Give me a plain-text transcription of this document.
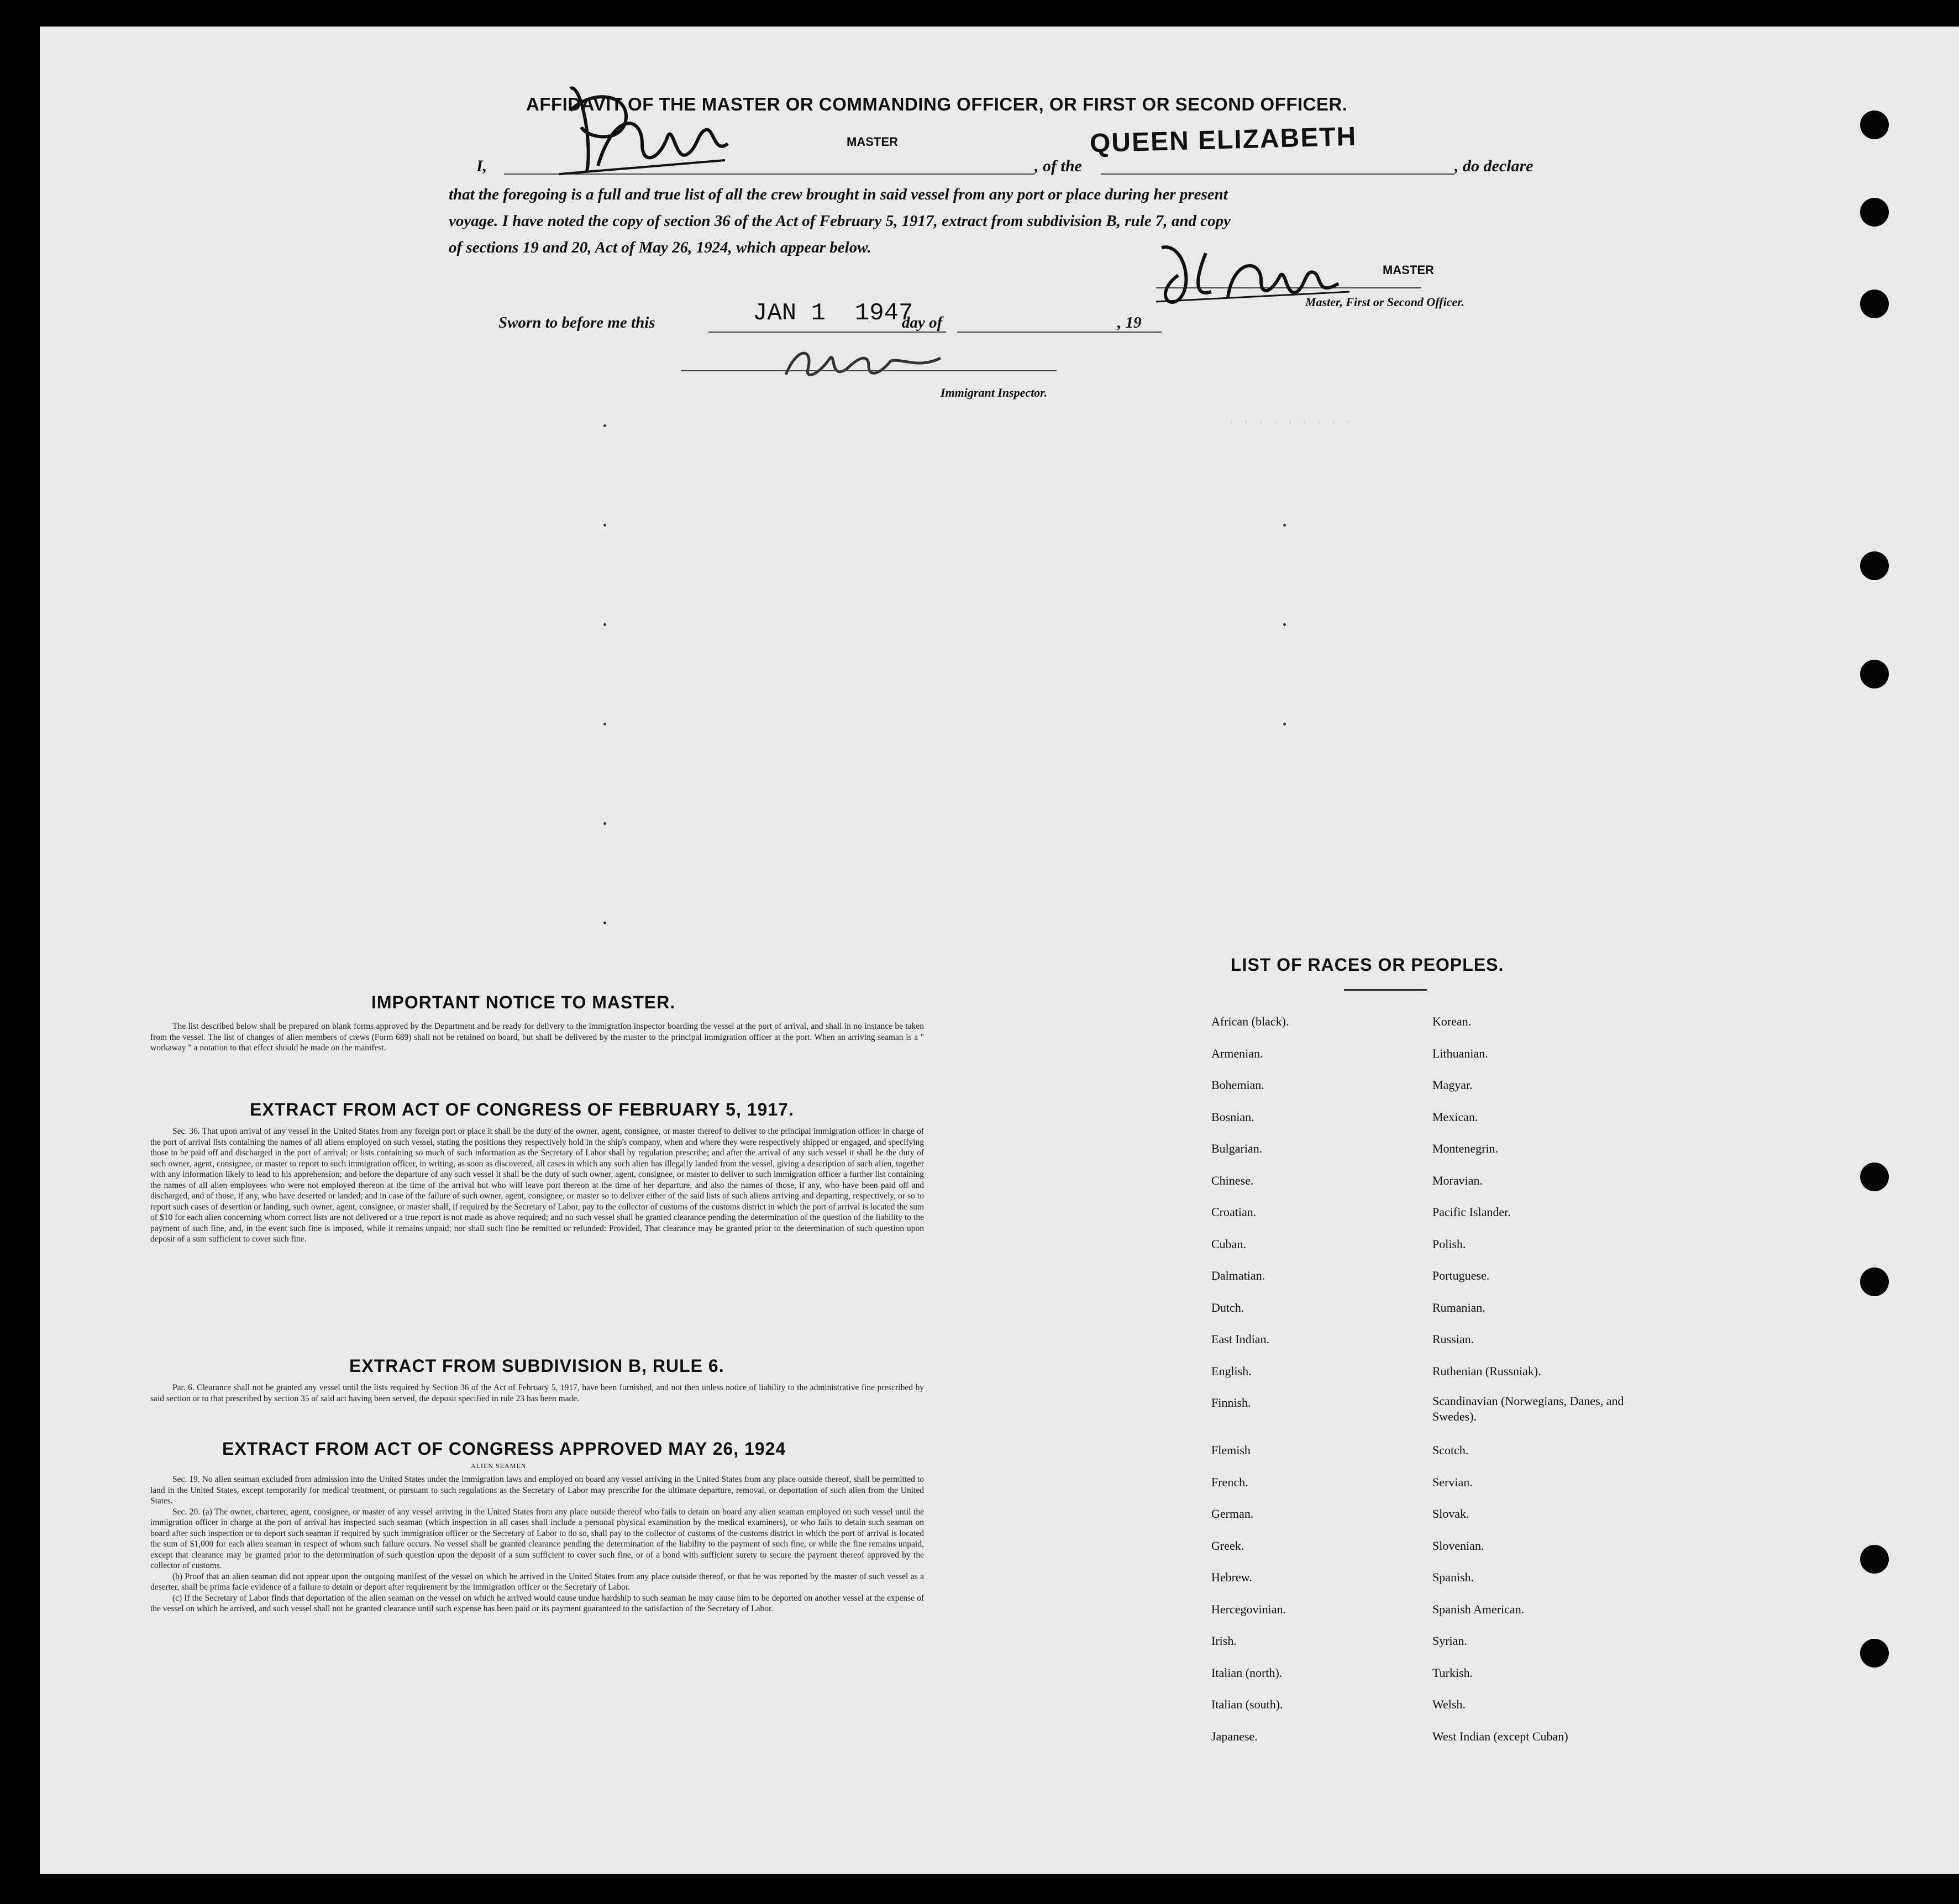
. . . . . . . . .
AFFIDAVIT OF THE MASTER OR COMMANDING OFFICER, OR FIRST OR SECOND OFFICER.
I,
MASTER
, of the
QUEEN ELIZABETH
, do declare
that the foregoing is a full and true list of all the crew brought in said vessel from any port or place during her present
voyage. I have noted the copy of section 36 of the Act of February 5, 1917, extract from subdivision B, rule 7, and copy
of sections 19 and 20, Act of May 26, 1924, which appear below.
MASTER
Master, First or Second Officer.
Sworn to before me this	JAN 1  1947
day of	, 19
Immigrant Inspector.
IMPORTANT NOTICE TO MASTER.

The list described below shall be prepared on blank forms approved by the Department and be ready for delivery to the immigration inspector boarding the vessel at the port of arrival, and shall in no instance be taken from the vessel. The list of changes of alien members of crews (Form 689) shall not be retained on board, but shall be delivered by the master to the principal immigration officer at the port. When an arriving seaman is a " workaway " a notation to that effect should be made on the manifest.

EXTRACT FROM ACT OF CONGRESS OF FEBRUARY 5, 1917.

Sec. 36. That upon arrival of any vessel in the United States from any foreign port or place it shall be the duty of the owner, agent, consignee, or master thereof to deliver to the principal immigration officer in charge of the port of arrival lists containing the names of all aliens employed on such vessel, stating the positions they respectively hold in the ship's company, when and where they were respectively shipped or engaged, and specifying those to be paid off and discharged in the port of arrival; or lists containing so much of such information as the Secretary of Labor shall by regulation prescribe; and after the arrival of any such vessel it shall be the duty of such owner, agent, consignee, or master to report to such immigration officer, in writing, as soon as discovered, all cases in which any such alien has illegally landed from the vessel, giving a description of such alien, together with any information likely to lead to his apprehension; and before the departure of any such vessel it shall be the duty of such owner, agent, consignee, or master to deliver to such immigration officer a further list containing the names of all alien employees who were not employed thereon at the time of the arrival but who will leave port thereon at the time of her departure, and also the names of those, if any, who have been paid off and discharged, and of those, if any, who have deserted or landed; and in case of the failure of such owner, agent, consignee, or master so to deliver either of the said lists of such aliens arriving and departing, respectively, or so to report such cases of desertion or landing, such owner, agent, consignee, or master shall, if required by the Secretary of Labor, pay to the collector of customs of the customs district in which the port of arrival is located the sum of $10 for each alien concerning whom correct lists are not delivered or a true report is not made as above required; and no such vessel shall be granted clearance pending the determination of the question of the liability to the payment of such fine, and, in the event such fine is imposed, while it remains unpaid; nor shall such fine be remitted or refunded: Provided, That clearance may be granted prior to the determination of such question upon deposit of a sum sufficient to cover such fine.

EXTRACT FROM SUBDIVISION B, RULE 6.

Par. 6. Clearance shall not be granted any vessel until the lists required by Section 36 of the Act of February 5, 1917, have been furnished, and not then unless notice of liability to the administrative fine prescribed by said section or to that prescribed by section 35 of said act having been served, the deposit specified in rule 23 has been made.

EXTRACT FROM ACT OF CONGRESS APPROVED MAY 26, 1924
ALIEN SEAMEN

Sec. 19. No alien seaman excluded from admission into the United States under the immigration laws and employed on board any vessel arriving in the United States from any place outside thereof, shall be permitted to land in the United States, except temporarily for medical treatment, or pursuant to such regulations as the Secretary of Labor may prescribe for the ultimate departure, removal, or deportation of such alien from the United States.

Sec. 20. (a) The owner, charterer, agent, consignee, or master of any vessel arriving in the United States from any place outside thereof who fails to detain on board any alien seaman employed on such vessel until the immigration officer in charge at the port of arrival has inspected such seaman (which inspection in all cases shall include a personal physical examination by the medical examiners), or who fails to detain such seaman on board after such inspection or to deport such seaman if required by such immigration officer or the Secretary of Labor to do so, shall pay to the collector of customs of the customs district in which the port of arrival is located the sum of $1,000 for each alien seaman in respect of whom such failure occurs. No vessel shall be granted clearance pending the determination of the liability to the payment of such fine, or while the fine remains unpaid, except that clearance may be granted prior to the determination of such question upon the deposit of a sum sufficient to cover such fine, or of a bond with sufficient surety to secure the payment thereof approved by the collector of customs.

(b) Proof that an alien seaman did not appear upon the outgoing manifest of the vessel on which he arrived in the United States from any place outside thereof, or that he was reported by the master of such vessel as a deserter, shall be prima facie evidence of a failure to detain or deport after requirement by the immigration officer or the Secretary of Labor.

(c) If the Secretary of Labor finds that deportation of the alien seaman on the vessel on which he arrived would cause undue hardship to such seaman he may cause him to be deported on another vessel at the expense of the vessel on which he arrived, and such vessel shall not be granted clearance until such expense has been paid or its payment guaranteed to the satisfaction of the Secretary of Labor.

LIST OF RACES OR PEOPLES.
African (black).
Armenian.
Bohemian.
Bosnian.
Bulgarian.
Chinese.
Croatian.
Cuban.
Dalmatian.
Dutch.
East Indian.
English.
Finnish.
Flemish
French.
German.
Greek.
Hebrew.
Hercegovinian.
Irish.
Italian (north).
Italian (south).
Japanese.
Korean.
Lithuanian.
Magyar.
Mexican.
Montenegrin.
Moravian.
Pacific Islander.
Polish.
Portuguese.
Rumanian.
Russian.
Ruthenian (Russniak).
Scandinavian (Norwegians, Danes, and Swedes).
Scotch.
Servian.
Slovak.
Slovenian.
Spanish.
Spanish American.
Syrian.
Turkish.
Welsh.
West Indian (except Cuban)
